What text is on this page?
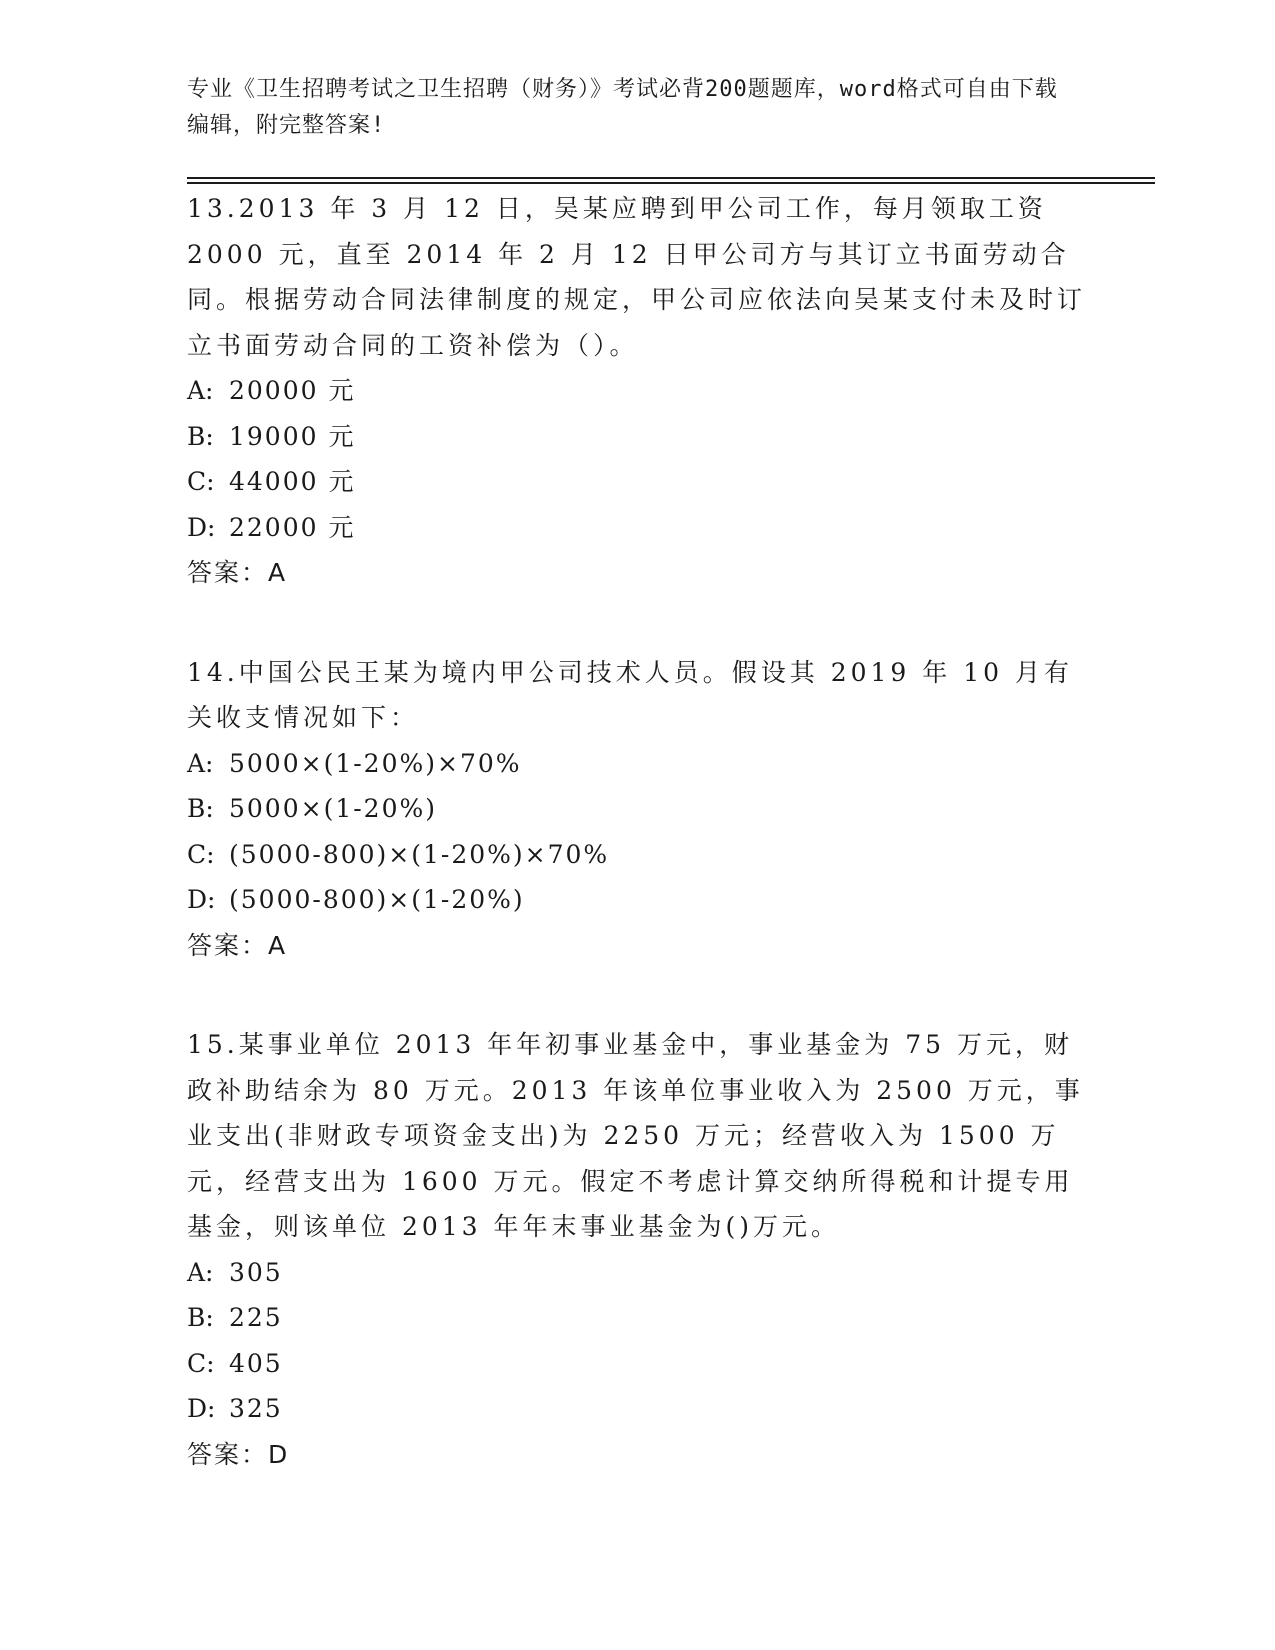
专业《卫生招聘考试之卫生招聘（财务）》考试必背200题题库，word格式可自由下载编辑，附完整答案!
13.2013 年 3 月 12 日，吴某应聘到甲公司工作，每月领取工资 2000 元，直至 2014 年 2 月 12 日甲公司方与其订立书面劳动合同。根据劳动合同法律制度的规定，甲公司应依法向吴某支付未及时订立书面劳动合同的工资补偿为（）。
A: 20000 元
B: 19000 元
C: 44000 元
D: 22000 元
答案：A
14.中国公民王某为境内甲公司技术人员。假设其 2019 年 10 月有关收支情况如下：
A: 5000×(1-20%)×70%
B: 5000×(1-20%)
C: (5000-800)×(1-20%)×70%
D: (5000-800)×(1-20%)
答案：A
15.某事业单位 2013 年年初事业基金中，事业基金为 75 万元，财政补助结余为 80 万元。2013 年该单位事业收入为 2500 万元，事业支出(非财政专项资金支出)为 2250 万元；经营收入为 1500 万元，经营支出为 1600 万元。假定不考虑计算交纳所得税和计提专用基金，则该单位 2013 年年末事业基金为()万元。
A: 305
B: 225
C: 405
D: 325
答案：D
